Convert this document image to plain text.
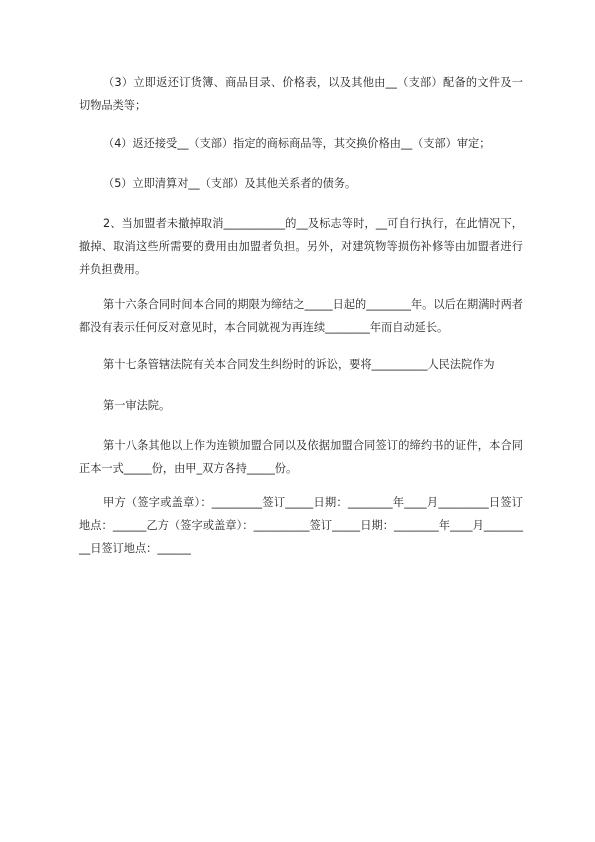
（3）立即返还订货簿、商品目录、价格表，以及其他由__（支部）配备的文件及一切物品类等；

（4）返还接受__（支部）指定的商标商品等，其交换价格由__（支部）审定；

（5）立即清算对__（支部）及其他关系者的债务。

2、当加盟者未撤掉取消___________的__及标志等时，__可自行执行，在此情况下，撤掉、取消这些所需要的费用由加盟者负担。另外，对建筑物等损伤补修等由加盟者进行并负担费用。

第十六条合同时间本合同的期限为缔结之_____日起的________年。以后在期满时两者都没有表示任何反对意见时，本合同就视为再连续________年而自动延长。

第十七条管辖法院有关本合同发生纠纷时的诉讼，要将__________人民法院作为

第一审法院。

第十八条其他以上作为连锁加盟合同以及依据加盟合同签订的缔约书的证件，本合同正本一式_____份，由甲_双方各持_____份。

甲方（签字或盖章）：_________签订_____日期：________年____月_________日签订地点：______乙方（签字或盖章）：__________签订_____日期：________年____月_________日签订地点：______
